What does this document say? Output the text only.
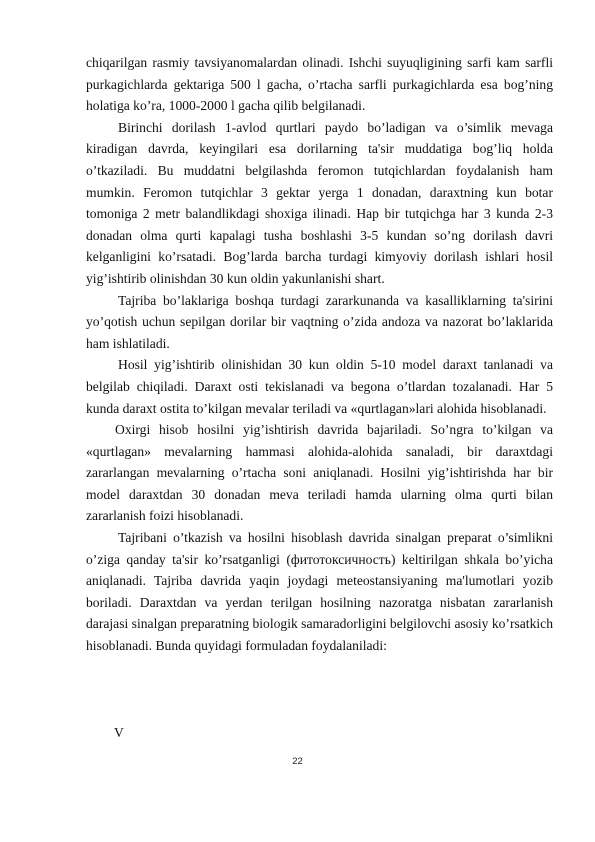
chiqarilgan rasmiy tavsiyanomalardan olinadi. Ishchi suyuqligining sarfi kam sarfli purkagichlarda gektariga 500 l gacha, o’rtacha sarfli purkagichlarda esa bog’ning holatiga ko’ra, 1000-2000 l gacha qilib belgilanadi.

Birinchi dorilash 1-avlod qurtlari paydo bo’ladigan va o’simlik mevaga kiradigan davrda, keyingilari esa dorilarning ta'sir muddatiga bog’liq holda o’tkaziladi. Bu muddatni belgilashda feromon tutqichlardan foydalanish ham mumkin. Feromon tutqichlar 3 gektar yerga 1 donadan, daraxtning kun botar tomoniga 2 metr balandlikdagi shoxiga ilinadi. Hap bir tutqichga har 3 kunda 2-3 donadan olma qurti kapalagi tusha boshlashi 3-5 kundan so’ng dorilash davri kelganligini ko’rsatadi. Bog’larda barcha turdagi kimyoviy dorilash ishlari hosil yig’ishtirib olinishdan 30 kun oldin yakunlanishi shart.

Tajriba bo’laklariga boshqa turdagi zararkunanda va kasalliklarning ta'sirini yo’qotish uchun sepilgan dorilar bir vaqtning o’zida andoza va nazorat bo’laklarida ham ishlatiladi.

Hosil yig’ishtirib olinishidan 30 kun oldin 5-10 model daraxt tanlanadi va belgilab chiqiladi. Daraxt osti tekislanadi va begona o’tlardan tozalanadi. Har 5 kunda daraxt ostita to’kilgan mevalar teriladi va «qurtlagan»lari alohida hisoblanadi.

Oxirgi hisob hosilni yig’ishtirish davrida bajariladi. So’ngra to’kilgan va «qurtlagan» mevalarning hammasi alohida-alohida sanaladi, bir daraxtdagi zararlangan mevalarning o’rtacha soni aniqlanadi. Hosilni yig’ishtirishda har bir model daraxtdan 30 donadan meva teriladi hamda ularning olma qurti bilan zararlanish foizi hisoblanadi.

Tajribani o’tkazish va hosilni hisoblash davrida sinalgan preparat o’simlikni o’ziga qanday ta'sir ko’rsatganligi (фитотоксичность) keltirilgan shkala bo’yicha aniqlanadi. Tajriba davrida yaqin joydagi meteostansiyaning ma'lumotlari yozib boriladi. Daraxtdan va yerdan terilgan hosilning nazoratga nisbatan zararlanish darajasi sinalgan preparatning biologik samaradorligini belgilovchi asosiy ko’rsatkich hisoblanadi. Bunda quyidagi formuladan foydalaniladi:

V
22
